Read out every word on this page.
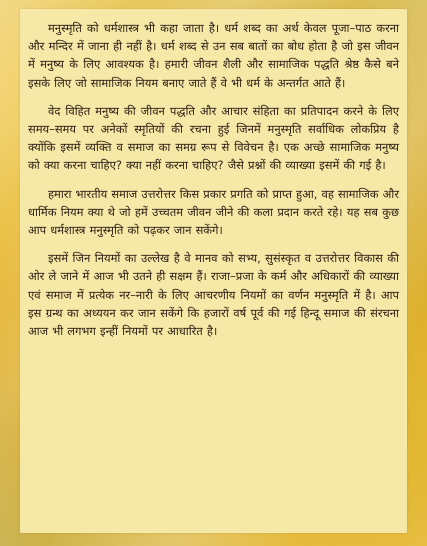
मनुस्मृति को धर्मशास्त्र भी कहा जाता है। धर्म शब्द का अर्थ केवल पूजा–पाठ करना और मन्दिर में जाना ही नहीं है। धर्म शब्द से उन सब बातों का बोध होता है जो इस जीवन में मनुष्य के लिए आवश्यक है। हमारी जीवन शैली और सामाजिक पद्धति श्रेष्ठ कैसे बने इसके लिए जो सामाजिक नियम बनाए जाते हैं वे भी धर्म के अन्तर्गत आते हैं।

वेद विहित मनुष्य की जीवन पद्धति और आचार संहिता का प्रतिपादन करने के लिए समय–समय पर अनेकों स्मृतियों की रचना हुई जिनमें मनुस्मृति सर्वाधिक लोकप्रिय है क्योंकि इसमें व्यक्ति व समाज का समग्र रूप से विवेचन है। एक अच्छे सामाजिक मनुष्य को क्या करना चाहिए? क्या नहीं करना चाहिए? जैसे प्रश्नों की व्याख्या इसमें की गई है।

हमारा भारतीय समाज उत्तरोत्तर किस प्रकार प्रगति को प्राप्त हुआ, वह सामाजिक और धार्मिक नियम क्या थे जो हमें उच्चतम जीवन जीने की कला प्रदान करते रहे। यह सब कुछ आप धर्मशास्त्र मनुस्मृति को पढ़कर जान सकेंगे।

इसमें जिन नियमों का उल्लेख है वे मानव को सभ्य, सुसंस्कृत व उत्तरोत्तर विकास की ओर ले जाने में आज भी उतने ही सक्षम हैं। राजा–प्रजा के कर्म और अधिकारों की व्याख्या एवं समाज में प्रत्येक नर–नारी के लिए आचरणीय नियमों का वर्णन मनुस्मृति में है। आप इस ग्रन्थ का अध्ययन कर जान सकेंगे कि हजारों वर्ष पूर्व की गई हिन्दू समाज की संरचना आज भी लगभग इन्हीं नियमों पर आधारित है।
